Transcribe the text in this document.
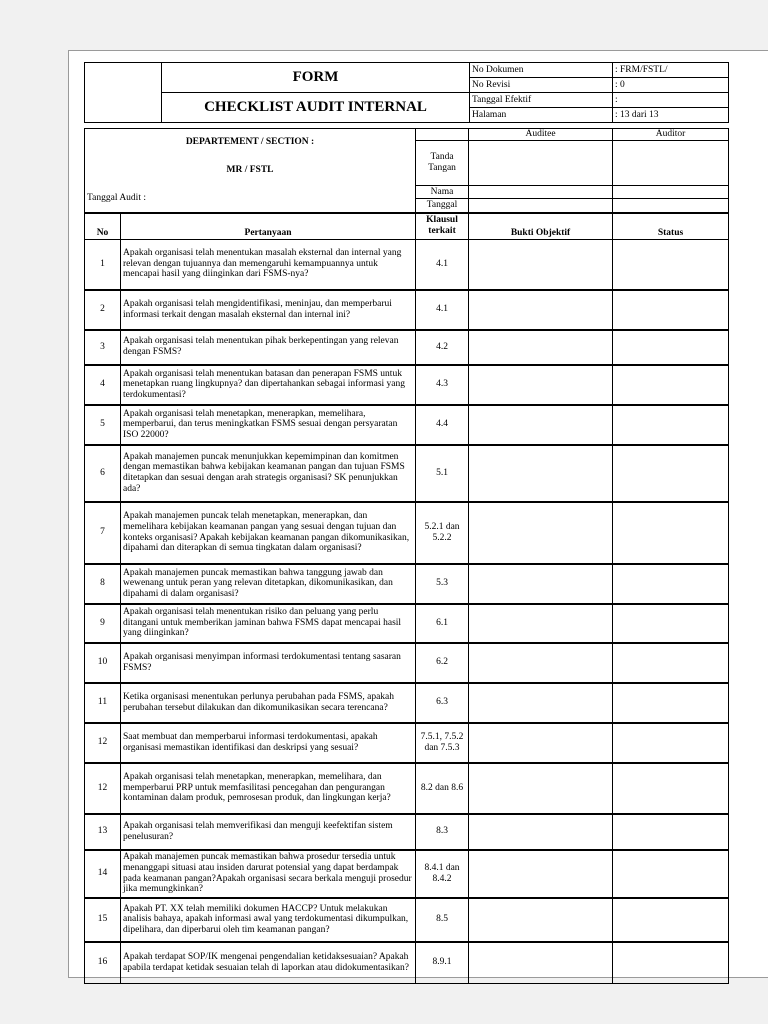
	FORM	No Dokumen	: FRM/FSTL/
		No Revisi	: 0
	CHECKLIST AUDIT INTERNAL	Tanggal Efektif	:
		Halaman	: 13 dari 13
DEPARTEMENT / SECTION :			Auditee	Auditor
		Tanda Tangan		
MR / FSTL				
Tanggal Audit :		Nama		
		Tanggal		
No	Pertanyaan	Klausul terkait	Bukti Objektif	Status
1	Apakah organisasi telah menentukan masalah eksternal dan internal yang relevan dengan tujuannya dan memengaruhi kemampuannya untuk mencapai hasil yang diinginkan dari FSMS-nya?	4.1		
2	Apakah organisasi telah mengidentifikasi, meninjau, dan memperbarui informasi terkait dengan masalah eksternal dan internal ini?	4.1		
3	Apakah organisasi telah menentukan pihak berkepentingan yang relevan dengan FSMS?	4.2		
4	Apakah organisasi telah menentukan batasan dan penerapan FSMS untuk menetapkan ruang lingkupnya? dan dipertahankan sebagai informasi yang terdokumentasi?	4.3		
5	Apakah organisasi telah menetapkan, menerapkan, memelihara, memperbarui, dan terus meningkatkan FSMS sesuai dengan persyaratan ISO 22000?	4.4		
6	Apakah manajemen puncak menunjukkan kepemimpinan dan komitmen dengan memastikan bahwa kebijakan keamanan pangan dan tujuan FSMS ditetapkan dan sesuai dengan arah strategis organisasi? SK penunjukkan ada?	5.1		
7	Apakah manajemen puncak telah menetapkan, menerapkan, dan memelihara kebijakan keamanan pangan yang sesuai dengan tujuan dan konteks organisasi? Apakah kebijakan keamanan pangan dikomunikasikan, dipahami dan diterapkan di semua tingkatan dalam organisasi?	5.2.1 dan 5.2.2		
8	Apakah manajemen puncak memastikan bahwa tanggung jawab dan wewenang untuk peran yang relevan ditetapkan, dikomunikasikan, dan dipahami di dalam organisasi?	5.3		
9	Apakah organisasi telah menentukan risiko dan peluang yang perlu ditangani untuk memberikan jaminan bahwa FSMS dapat mencapai hasil yang diinginkan?	6.1		
10	Apakah organisasi menyimpan informasi terdokumentasi tentang sasaran FSMS?	6.2		
11	Ketika organisasi menentukan perlunya perubahan pada FSMS, apakah perubahan tersebut dilakukan dan dikomunikasikan secara terencana?	6.3		
12	Saat membuat dan memperbarui informasi terdokumentasi, apakah organisasi memastikan identifikasi dan deskripsi yang sesuai?	7.5.1, 7.5.2 dan 7.5.3		
12	Apakah organisasi telah menetapkan, menerapkan, memelihara, dan memperbarui PRP untuk memfasilitasi pencegahan dan pengurangan kontaminan dalam produk, pemrosesan produk, dan lingkungan kerja?	8.2 dan 8.6		
13	Apakah organisasi telah memverifikasi dan menguji keefektifan sistem penelusuran?	8.3		
14	Apakah manajemen puncak memastikan bahwa prosedur tersedia untuk menanggapi situasi atau insiden darurat potensial yang dapat berdampak pada keamanan pangan?Apakah organisasi secara berkala menguji prosedur jika memungkinkan?	8.4.1 dan 8.4.2		
15	Apakah PT. XX telah memiliki dokumen HACCP? Untuk melakukan analisis bahaya, apakah informasi awal yang terdokumentasi dikumpulkan, dipelihara, dan diperbarui oleh tim keamanan pangan?	8.5		
16	Apakah terdapat SOP/IK mengenai pengendalian ketidaksesuaian? Apakah apabila terdapat ketidak sesuaian telah di laporkan atau didokumentasikan?	8.9.1		
